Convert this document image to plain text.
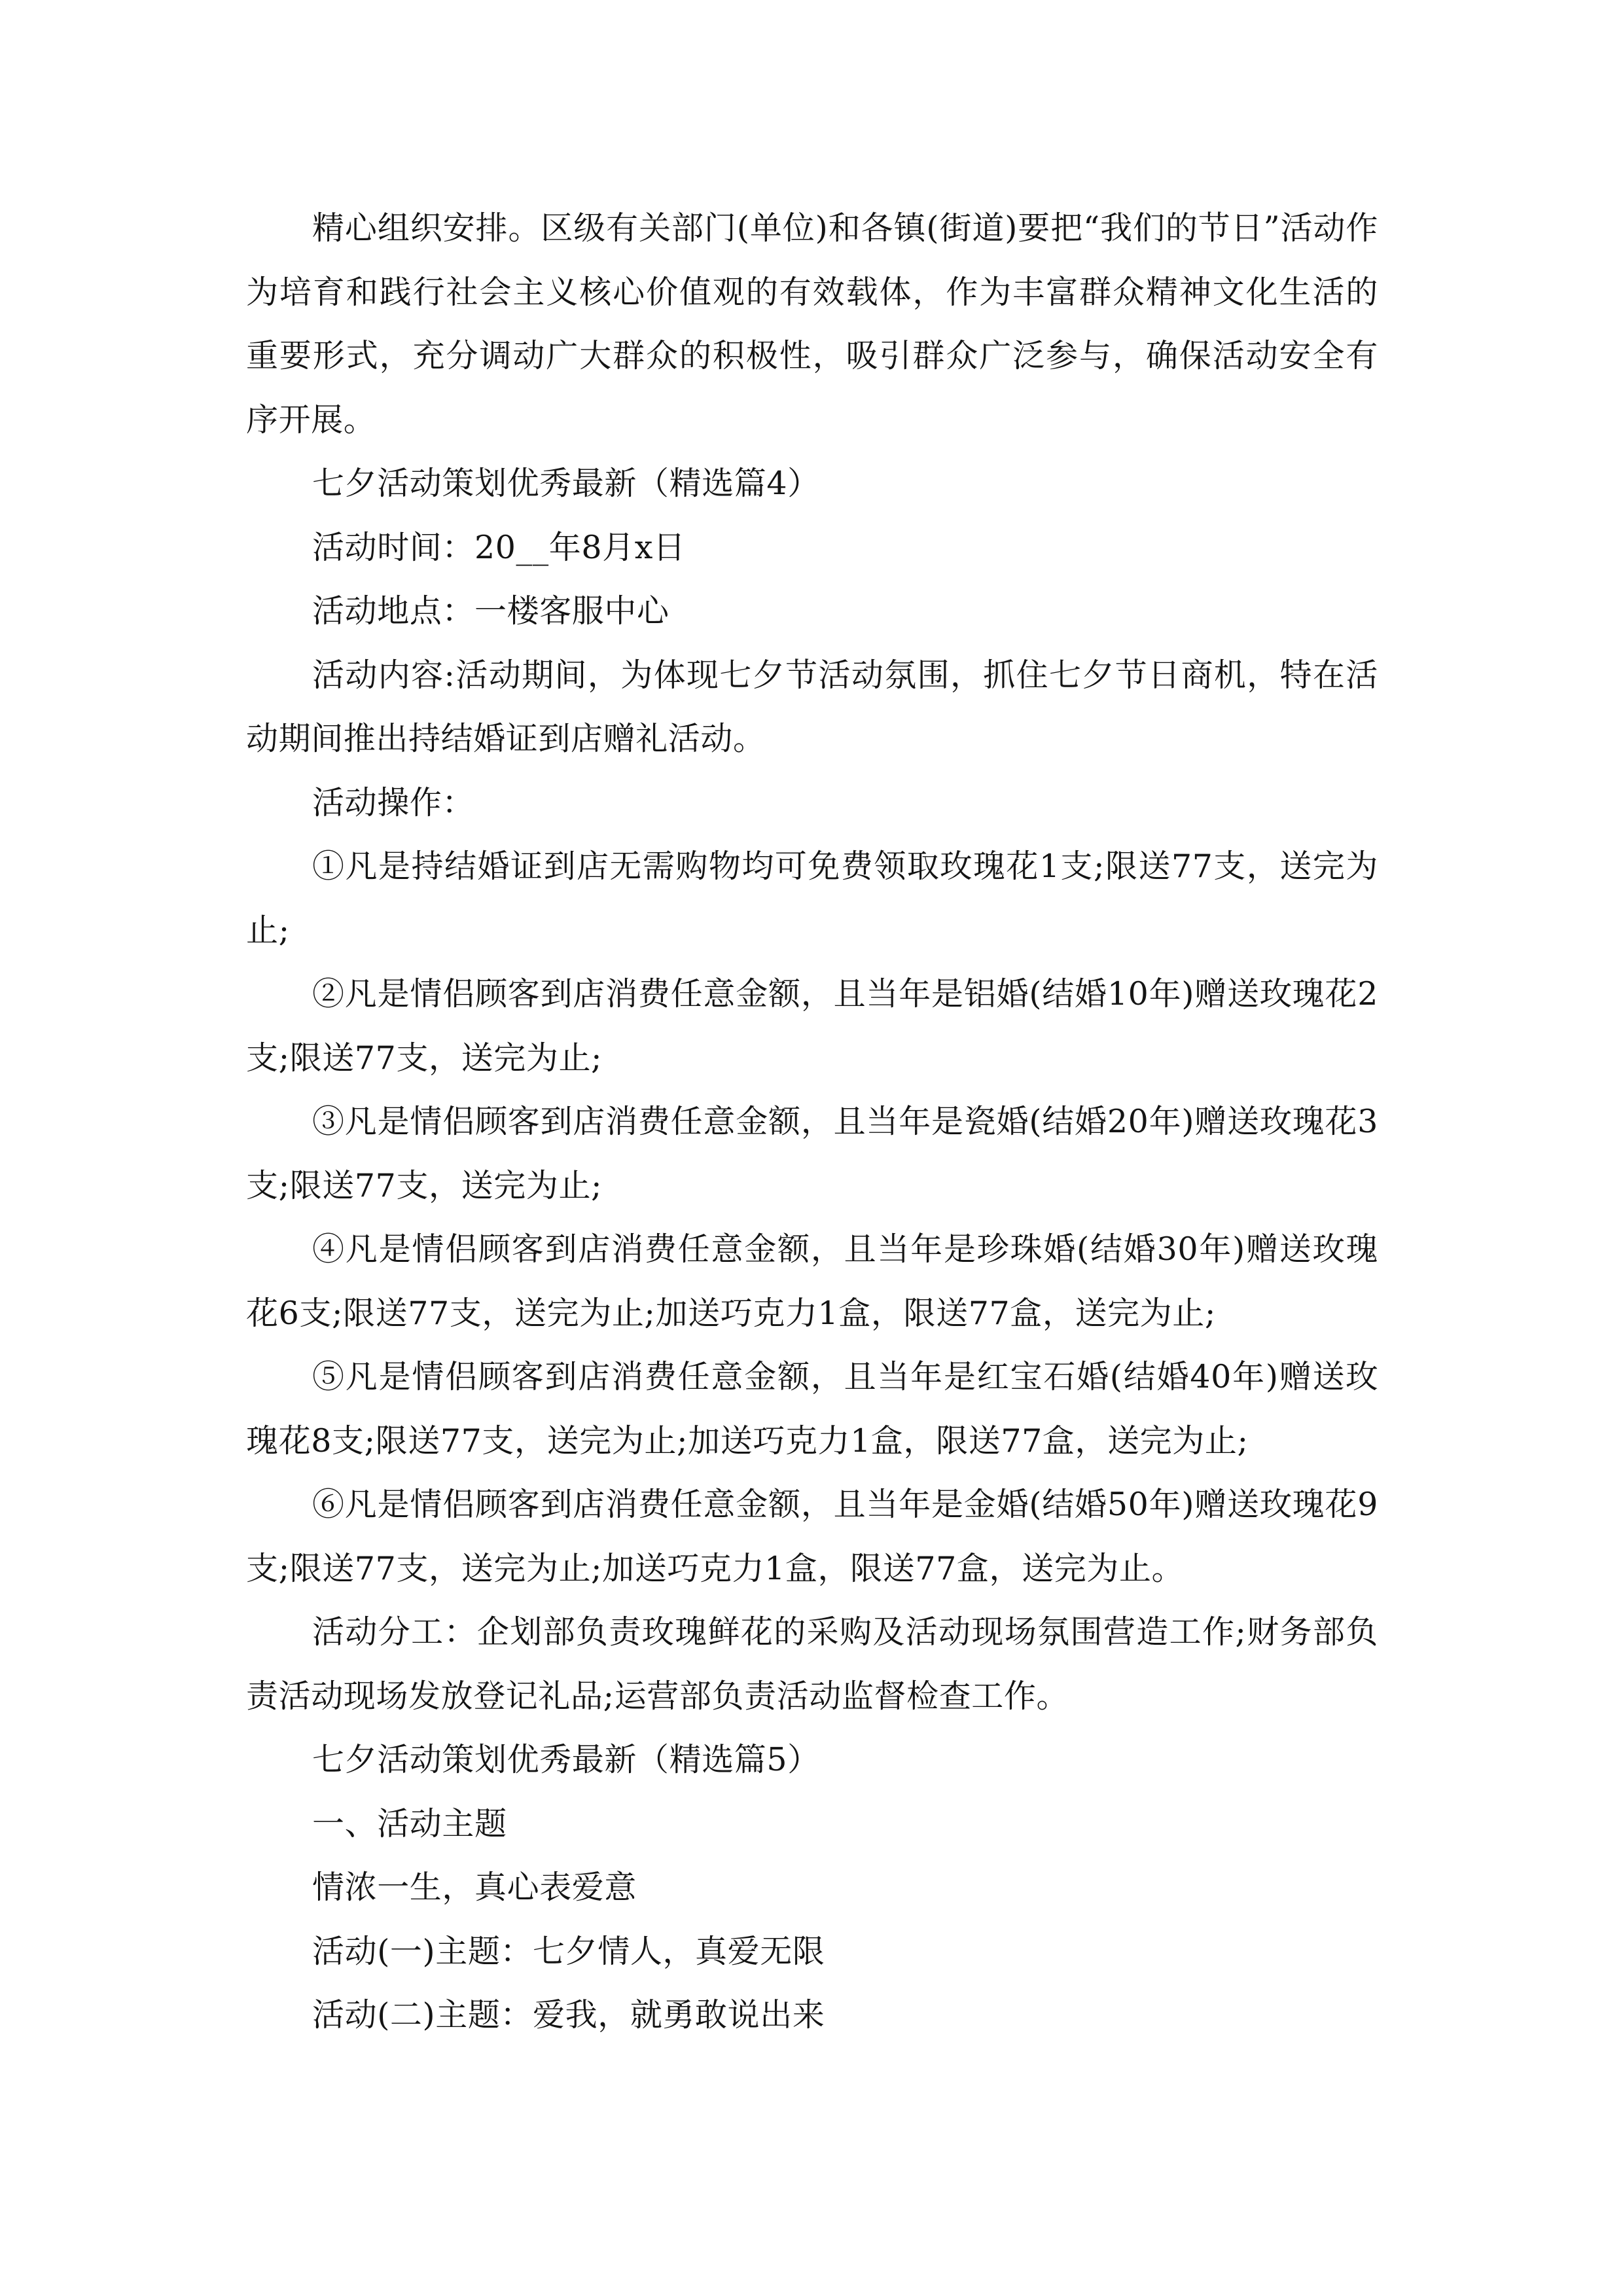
精心组织安排。区级有关部门(单位)和各镇(街道)要把“我们的节日”活动作为培育和践行社会主义核心价值观的有效载体，作为丰富群众精神文化生活的重要形式，充分调动广大群众的积极性，吸引群众广泛参与，确保活动安全有序开展。

七夕活动策划优秀最新（精选篇4）

活动时间：20__年8月x日

活动地点：一楼客服中心

活动内容:活动期间，为体现七夕节活动氛围，抓住七夕节日商机，特在活动期间推出持结婚证到店赠礼活动。

活动操作：

①凡是持结婚证到店无需购物均可免费领取玫瑰花1支;限送77支，送完为止;

②凡是情侣顾客到店消费任意金额，且当年是铝婚(结婚10年)赠送玫瑰花2支;限送77支，送完为止;

③凡是情侣顾客到店消费任意金额，且当年是瓷婚(结婚20年)赠送玫瑰花3支;限送77支，送完为止;

④凡是情侣顾客到店消费任意金额，且当年是珍珠婚(结婚30年)赠送玫瑰花6支;限送77支，送完为止;加送巧克力1盒，限送77盒，送完为止;

⑤凡是情侣顾客到店消费任意金额，且当年是红宝石婚(结婚40年)赠送玫瑰花8支;限送77支，送完为止;加送巧克力1盒，限送77盒，送完为止;

⑥凡是情侣顾客到店消费任意金额，且当年是金婚(结婚50年)赠送玫瑰花9支;限送77支，送完为止;加送巧克力1盒，限送77盒，送完为止。

活动分工：企划部负责玫瑰鲜花的采购及活动现场氛围营造工作;财务部负责活动现场发放登记礼品;运营部负责活动监督检查工作。

七夕活动策划优秀最新（精选篇5）

一、活动主题

情浓一生，真心表爱意

活动(一)主题：七夕情人，真爱无限

活动(二)主题：爱我，就勇敢说出来
